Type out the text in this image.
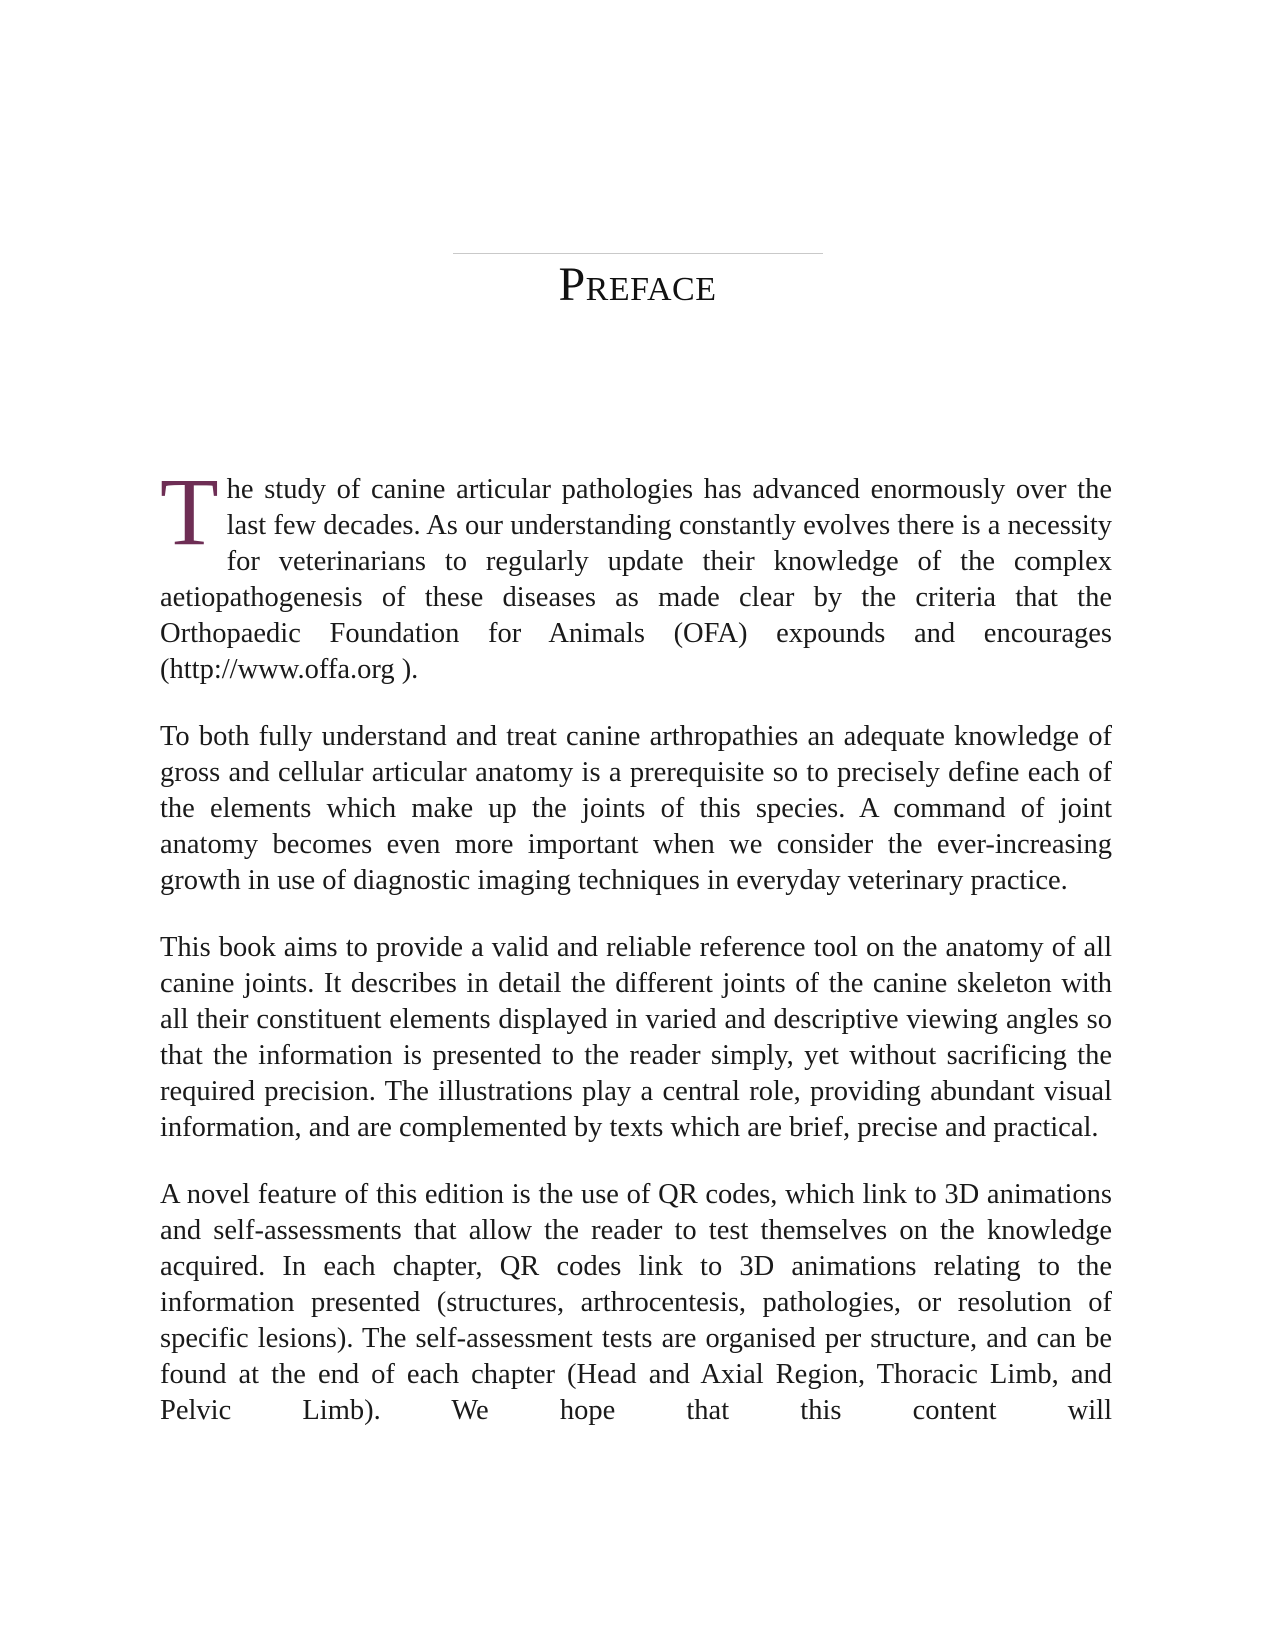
PREFACE

The study of canine articular pathologies has advanced enormously over the last few decades. As our understanding constantly evolves there is a necessity for veterinarians to regularly update their knowledge of the complex aetiopathogenesis of these diseases as made clear by the criteria that the Orthopaedic Foundation for Animals (OFA) expounds and encourages (http://www.offa.org ).

To both fully understand and treat canine arthropathies an adequate knowledge of gross and cellular articular anatomy is a prerequisite so to precisely define each of the elements which make up the joints of this species. A command of joint anatomy becomes even more important when we consider the ever-increasing growth in use of diagnostic imaging techniques in everyday veterinary practice.

This book aims to provide a valid and reliable reference tool on the anatomy of all canine joints. It describes in detail the different joints of the canine skeleton with all their constituent elements displayed in varied and descriptive viewing angles so that the information is presented to the reader simply, yet without sacrificing the required precision. The illustrations play a central role, providing abundant visual information, and are complemented by texts which are brief, precise and practical.

A novel feature of this edition is the use of QR codes, which link to 3D animations and self-assessments that allow the reader to test themselves on the knowledge acquired. In each chapter, QR codes link to 3D animations relating to the information presented (structures, arthrocentesis, pathologies, or resolution of specific lesions). The self-assessment tests are organised per structure, and can be found at the end of each chapter (Head and Axial Region, Thoracic Limb, and Pelvic Limb). We hope that this content will
